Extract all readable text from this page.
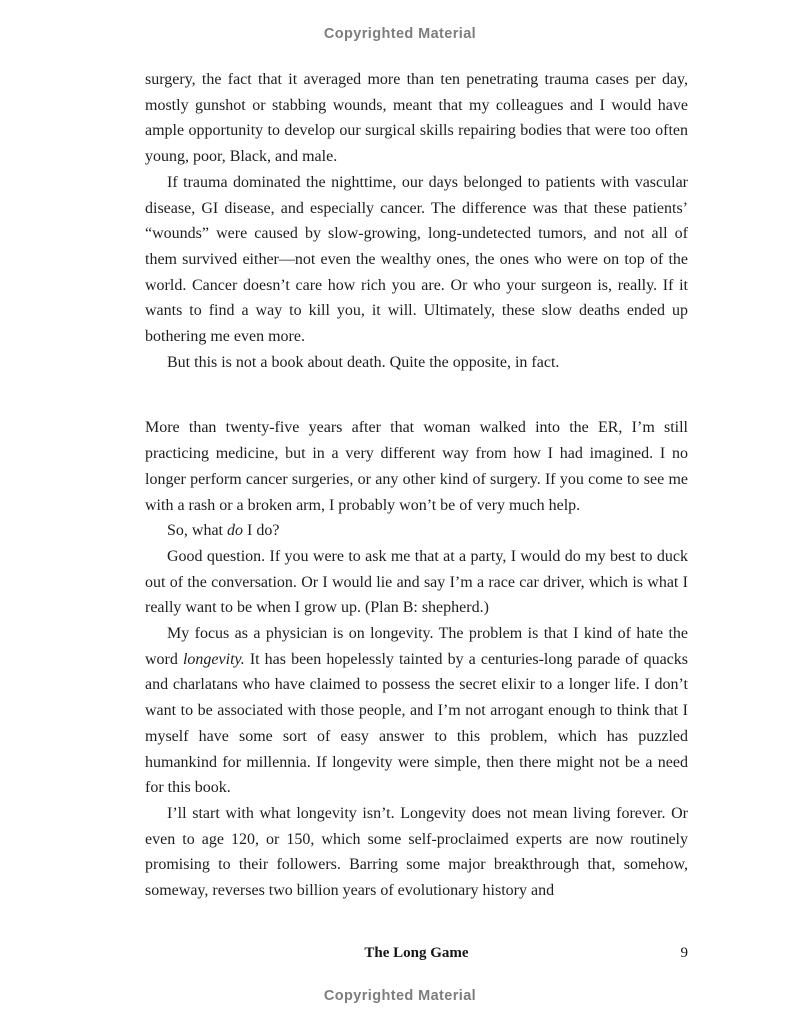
Copyrighted Material

surgery, the fact that it averaged more than ten penetrating trauma cases per day, mostly gunshot or stabbing wounds, meant that my colleagues and I would have ample opportunity to develop our surgical skills repairing bodies that were too often young, poor, Black, and male.

If trauma dominated the nighttime, our days belonged to patients with vascular disease, GI disease, and especially cancer. The difference was that these patients’ “wounds” were caused by slow-growing, long-undetected tumors, and not all of them survived either—not even the wealthy ones, the ones who were on top of the world. Cancer doesn’t care how rich you are. Or who your surgeon is, really. If it wants to find a way to kill you, it will. Ultimately, these slow deaths ended up bothering me even more.

But this is not a book about death. Quite the opposite, in fact.

More than twenty-five years after that woman walked into the ER, I’m still practicing medicine, but in a very different way from how I had imagined. I no longer perform cancer surgeries, or any other kind of surgery. If you come to see me with a rash or a broken arm, I probably won’t be of very much help.

So, what do I do?

Good question. If you were to ask me that at a party, I would do my best to duck out of the conversation. Or I would lie and say I’m a race car driver, which is what I really want to be when I grow up. (Plan B: shepherd.)

My focus as a physician is on longevity. The problem is that I kind of hate the word longevity. It has been hopelessly tainted by a centuries-long parade of quacks and charlatans who have claimed to possess the secret elixir to a longer life. I don’t want to be associated with those people, and I’m not arrogant enough to think that I myself have some sort of easy answer to this problem, which has puzzled humankind for millennia. If longevity were simple, then there might not be a need for this book.

I’ll start with what longevity isn’t. Longevity does not mean living forever. Or even to age 120, or 150, which some self-proclaimed experts are now routinely promising to their followers. Barring some major breakthrough that, somehow, someway, reverses two billion years of evolutionary history and

The Long Game	9
Copyrighted Material
